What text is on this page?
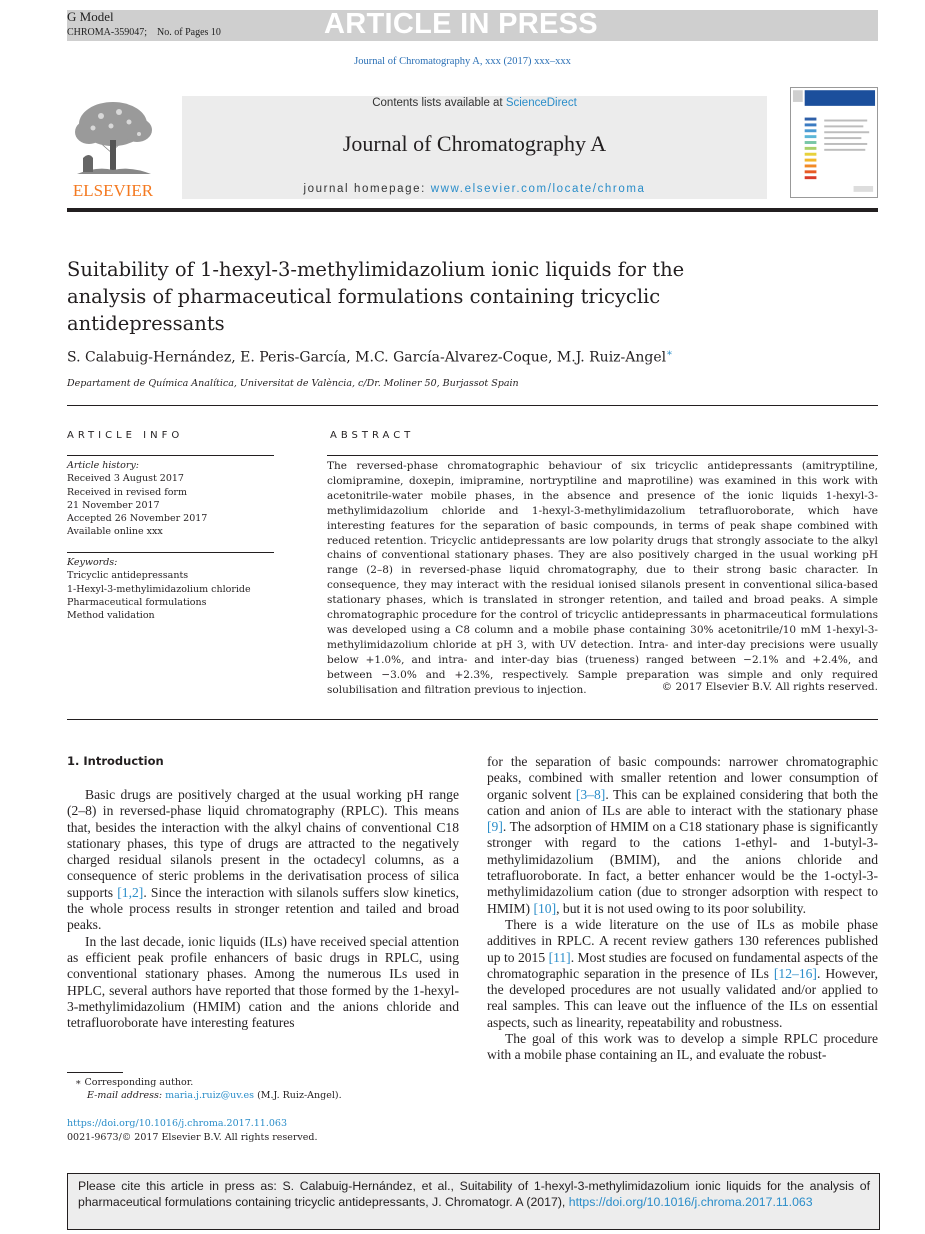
G Model
CHROMA-359047; No. of Pages 10	ARTICLE IN PRESS
Journal of Chromatography A, xxx (2017) xxx–xxx
ELSEVIER
Contents lists available at ScienceDirect
Journal of Chromatography A
journal homepage: www.elsevier.com/locate/chroma
Suitability of 1-hexyl-3-methylimidazolium ionic liquids for the analysis of pharmaceutical formulations containing tricyclic antidepressants
S. Calabuig-Hernández, E. Peris-García, M.C. García-Alvarez-Coque, M.J. Ruiz-Angel∗
Departament de Química Analítica, Universitat de València, c/Dr. Moliner 50, Burjassot Spain
ARTICLE INFO	ABSTRACT
Article history:
Received 3 August 2017
Received in revised form
21 November 2017
Accepted 26 November 2017
Available online xxx
Keywords:
Tricyclic antidepressants
1-Hexyl-3-methylimidazolium chloride
Pharmaceutical formulations
Method validation
The reversed-phase chromatographic behaviour of six tricyclic antidepressants (amitryptiline, clomipramine, doxepin, imipramine, nortryptiline and maprotiline) was examined in this work with acetonitrile-water mobile phases, in the absence and presence of the ionic liquids 1-hexyl-3-methylimidazolium chloride and 1-hexyl-3-methylimidazolium tetrafluoroborate, which have interesting features for the separation of basic compounds, in terms of peak shape combined with reduced retention. Tricyclic antidepressants are low polarity drugs that strongly associate to the alkyl chains of conventional stationary phases. They are also positively charged in the usual working pH range (2–8) in reversed-phase liquid chromatography, due to their strong basic character. In consequence, they may interact with the residual ionised silanols present in conventional silica-based stationary phases, which is translated in stronger retention, and tailed and broad peaks. A simple chromatographic procedure for the control of tricyclic antidepressants in pharmaceutical formulations was developed using a C8 column and a mobile phase containing 30% acetonitrile/10 mM 1-hexyl-3-methylimidazolium chloride at pH 3, with UV detection. Intra- and inter-day precisions were usually below +1.0%, and intra- and inter-day bias (trueness) ranged between −2.1% and +2.4%, and between −3.0% and +2.3%, respectively. Sample preparation was simple and only required solubilisation and filtration previous to injection.	© 2017 Elsevier B.V. All rights reserved.
1. Introduction

Basic drugs are positively charged at the usual working pH range (2–8) in reversed-phase liquid chromatography (RPLC). This means that, besides the interaction with the alkyl chains of conventional C18 stationary phases, this type of drugs are attracted to the negatively charged residual silanols present in the octadecyl columns, as a consequence of steric problems in the derivatisation process of silica supports [1,2]. Since the interaction with silanols suffers slow kinetics, the whole process results in stronger retention and tailed and broad peaks.

In the last decade, ionic liquids (ILs) have received special attention as efficient peak profile enhancers of basic drugs in RPLC, using conventional stationary phases. Among the numerous ILs used in HPLC, several authors have reported that those formed by the 1-hexyl-3-methylimidazolium (HMIM) cation and the anions chloride and tetrafluoroborate have interesting features

for the separation of basic compounds: narrower chromatographic peaks, combined with smaller retention and lower consumption of organic solvent [3–8]. This can be explained considering that both the cation and anion of ILs are able to interact with the stationary phase [9]. The adsorption of HMIM on a C18 stationary phase is significantly stronger with regard to the cations 1-ethyl- and 1-butyl-3-methylimidazolium (BMIM), and the anions chloride and tetrafluoroborate. In fact, a better enhancer would be the 1-octyl-3-methylimidazolium cation (due to stronger adsorption with respect to HMIM) [10], but it is not used owing to its poor solubility.

There is a wide literature on the use of ILs as mobile phase additives in RPLC. A recent review gathers 130 references published up to 2015 [11]. Most studies are focused on fundamental aspects of the chromatographic separation in the presence of ILs [12–16]. However, the developed procedures are not usually validated and/or applied to real samples. This can leave out the influence of the ILs on essential aspects, such as linearity, repeatability and robustness.

The goal of this work was to develop a simple RPLC procedure with a mobile phase containing an IL, and evaluate the robust-

∗ Corresponding author.
E-mail address: maria.j.ruiz@uv.es (M.J. Ruiz-Angel).
https://doi.org/10.1016/j.chroma.2017.11.063
0021-9673/© 2017 Elsevier B.V. All rights reserved.
Please cite this article in press as: S. Calabuig-Hernández, et al., Suitability of 1-hexyl-3-methylimidazolium ionic liquids for the analysis of pharmaceutical formulations containing tricyclic antidepressants, J. Chromatogr. A (2017), https://doi.org/10.1016/j.chroma.2017.11.063
